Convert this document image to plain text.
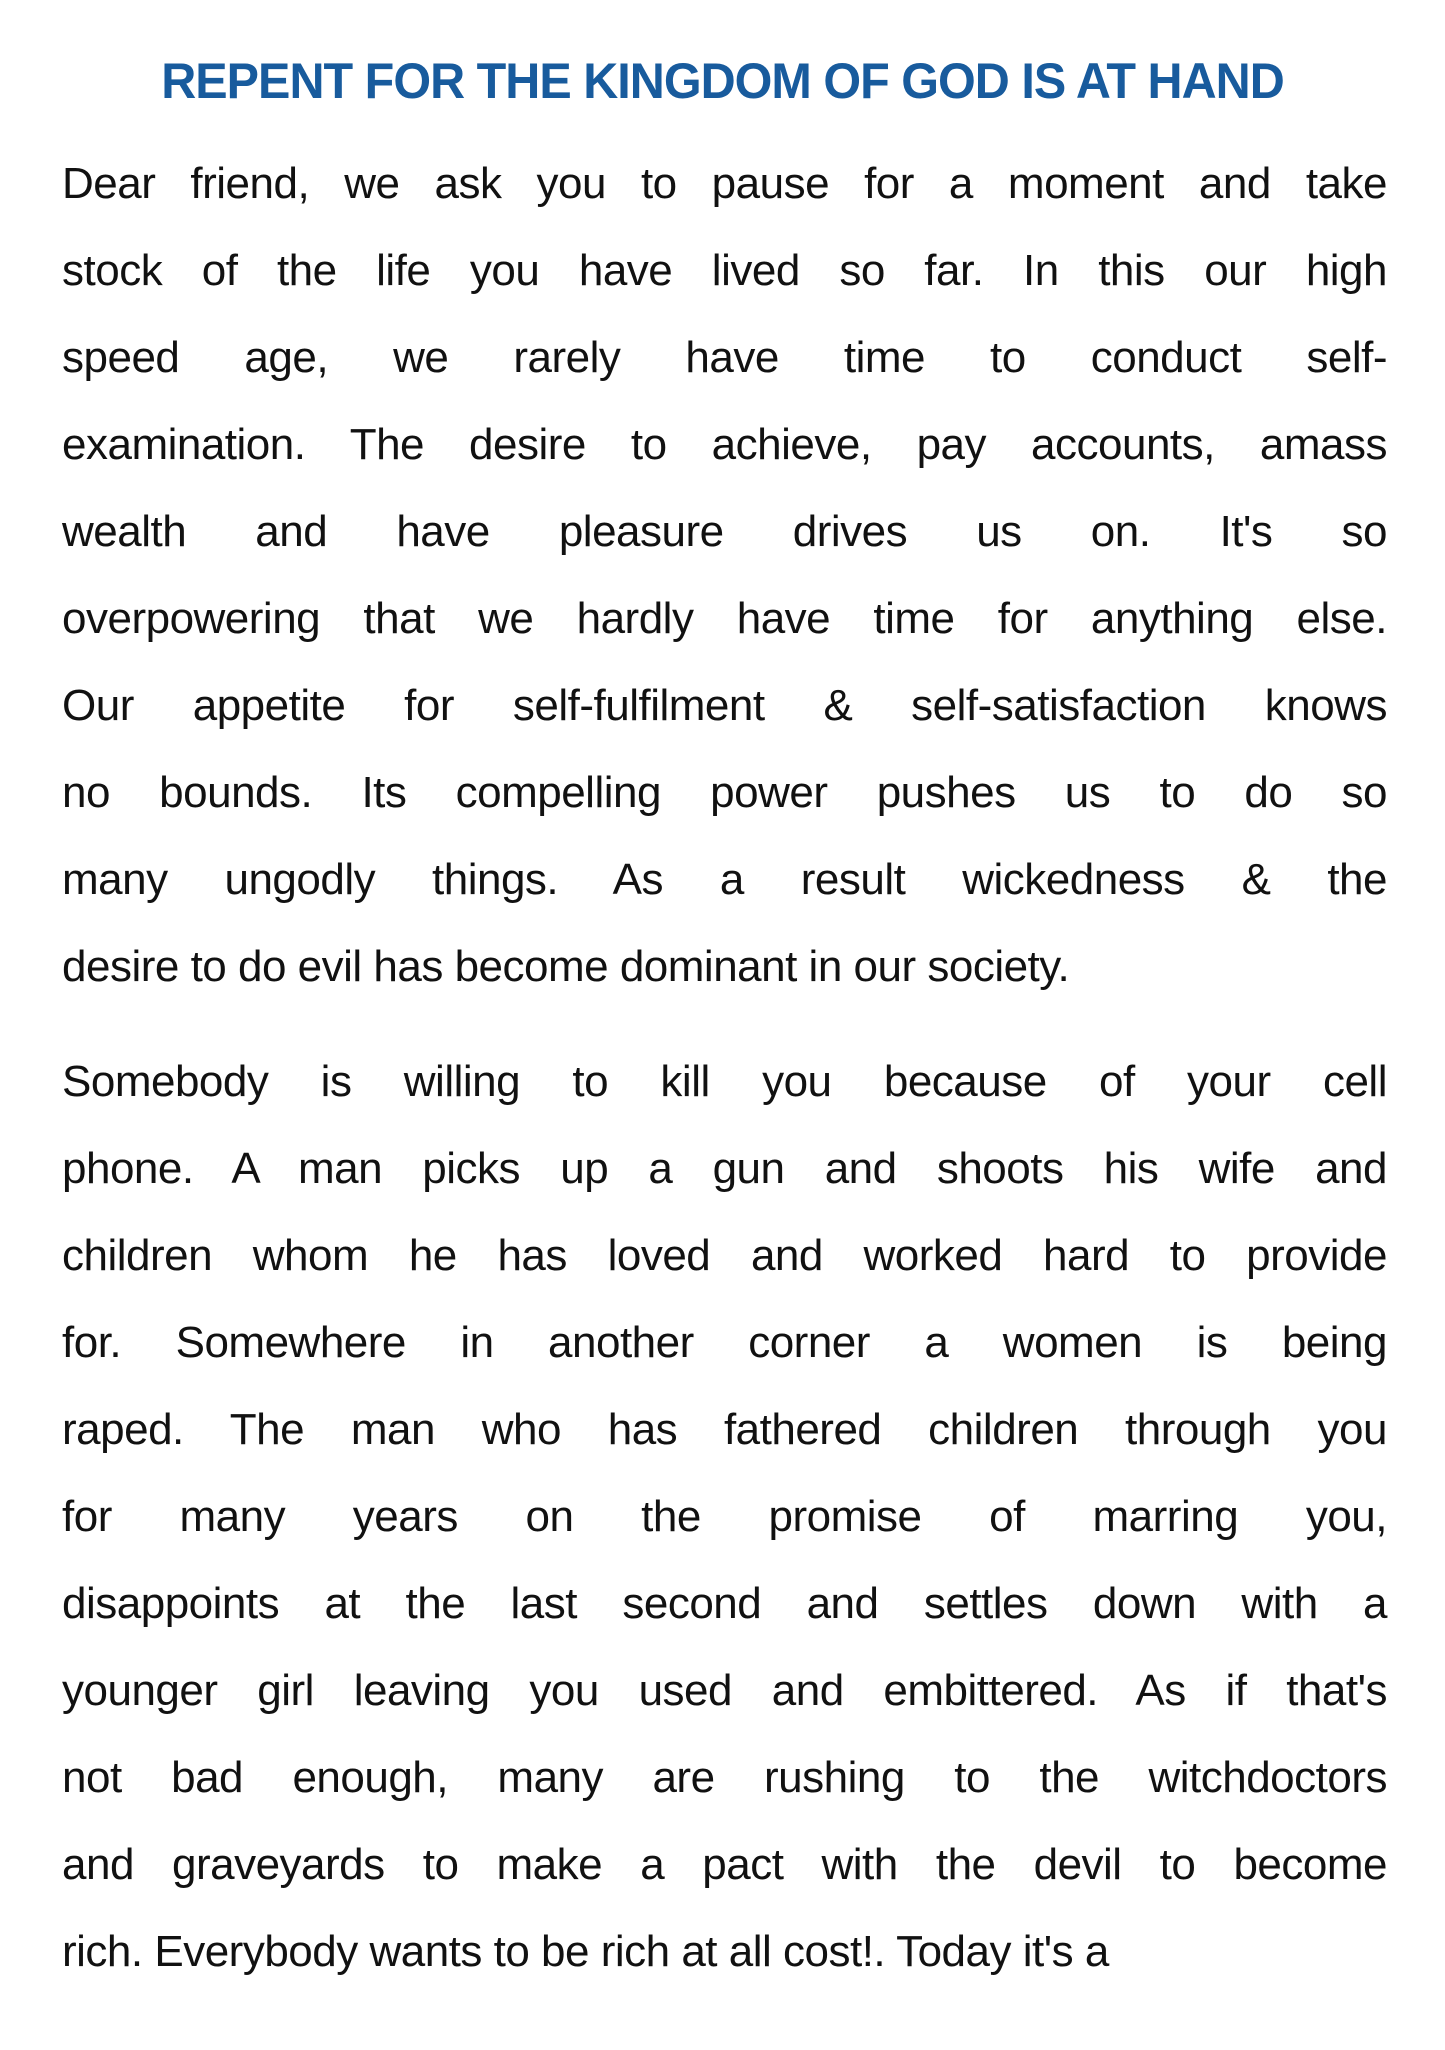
REPENT FOR THE KINGDOM OF GOD IS AT HAND
Dear friend, we ask you to pause for a moment and take
stock of the life you have lived so far. In this our high
speed age, we rarely have time to conduct self-
examination. The desire to achieve, pay accounts, amass
wealth and have pleasure drives us on. It's so
overpowering that we hardly have time for anything else.
Our appetite for self-fulfilment & self-satisfaction knows
no bounds. Its compelling power pushes us to do so
many ungodly things. As a result wickedness & the
desire to do evil has become dominant in our society.
Somebody is willing to kill you because of your cell
phone. A man picks up a gun and shoots his wife and
children whom he has loved and worked hard to provide
for. Somewhere in another corner a women is being
raped. The man who has fathered children through you
for many years on the promise of marring you,
disappoints at the last second and settles down with a
younger girl leaving you used and embittered. As if that's
not bad enough, many are rushing to the witchdoctors
and graveyards to make a pact with the devil to become
rich. Everybody wants to be rich at all cost!. Today it's a
